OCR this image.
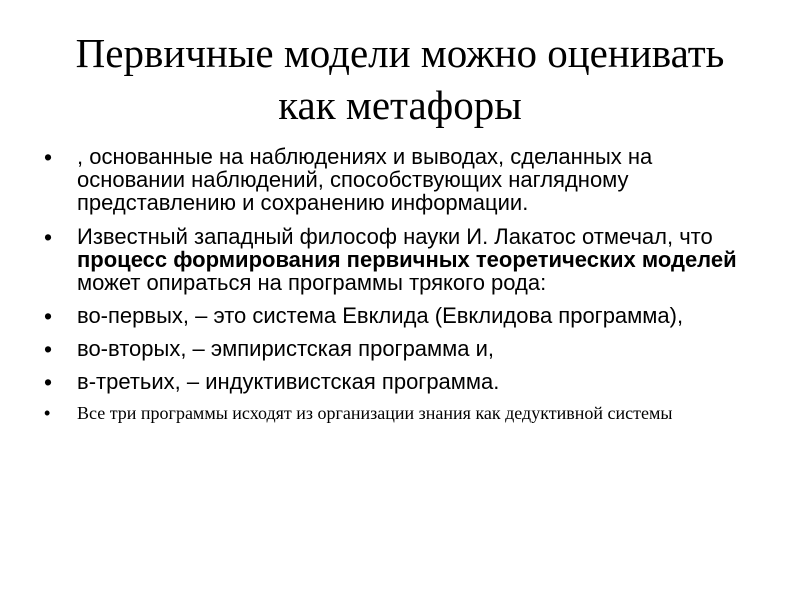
Первичные модели можно оценивать
как метафоры
• , основанные на наблюдениях и выводах, сделанных на основании наблюдений, способствующих наглядному представлению и сохранению информации.
• Известный западный философ науки И. Лакатос отмечал, что процесс формирования первичных теоретических моделей может опираться на программы трякого рода:
• во-первых, – это система Евклида (Евклидова программа),
• во-вторых, – эмпиристская программа и,
• в-третьих, – индуктивистская программа.
• Все три программы исходят из организации знания как дедуктивной системы
